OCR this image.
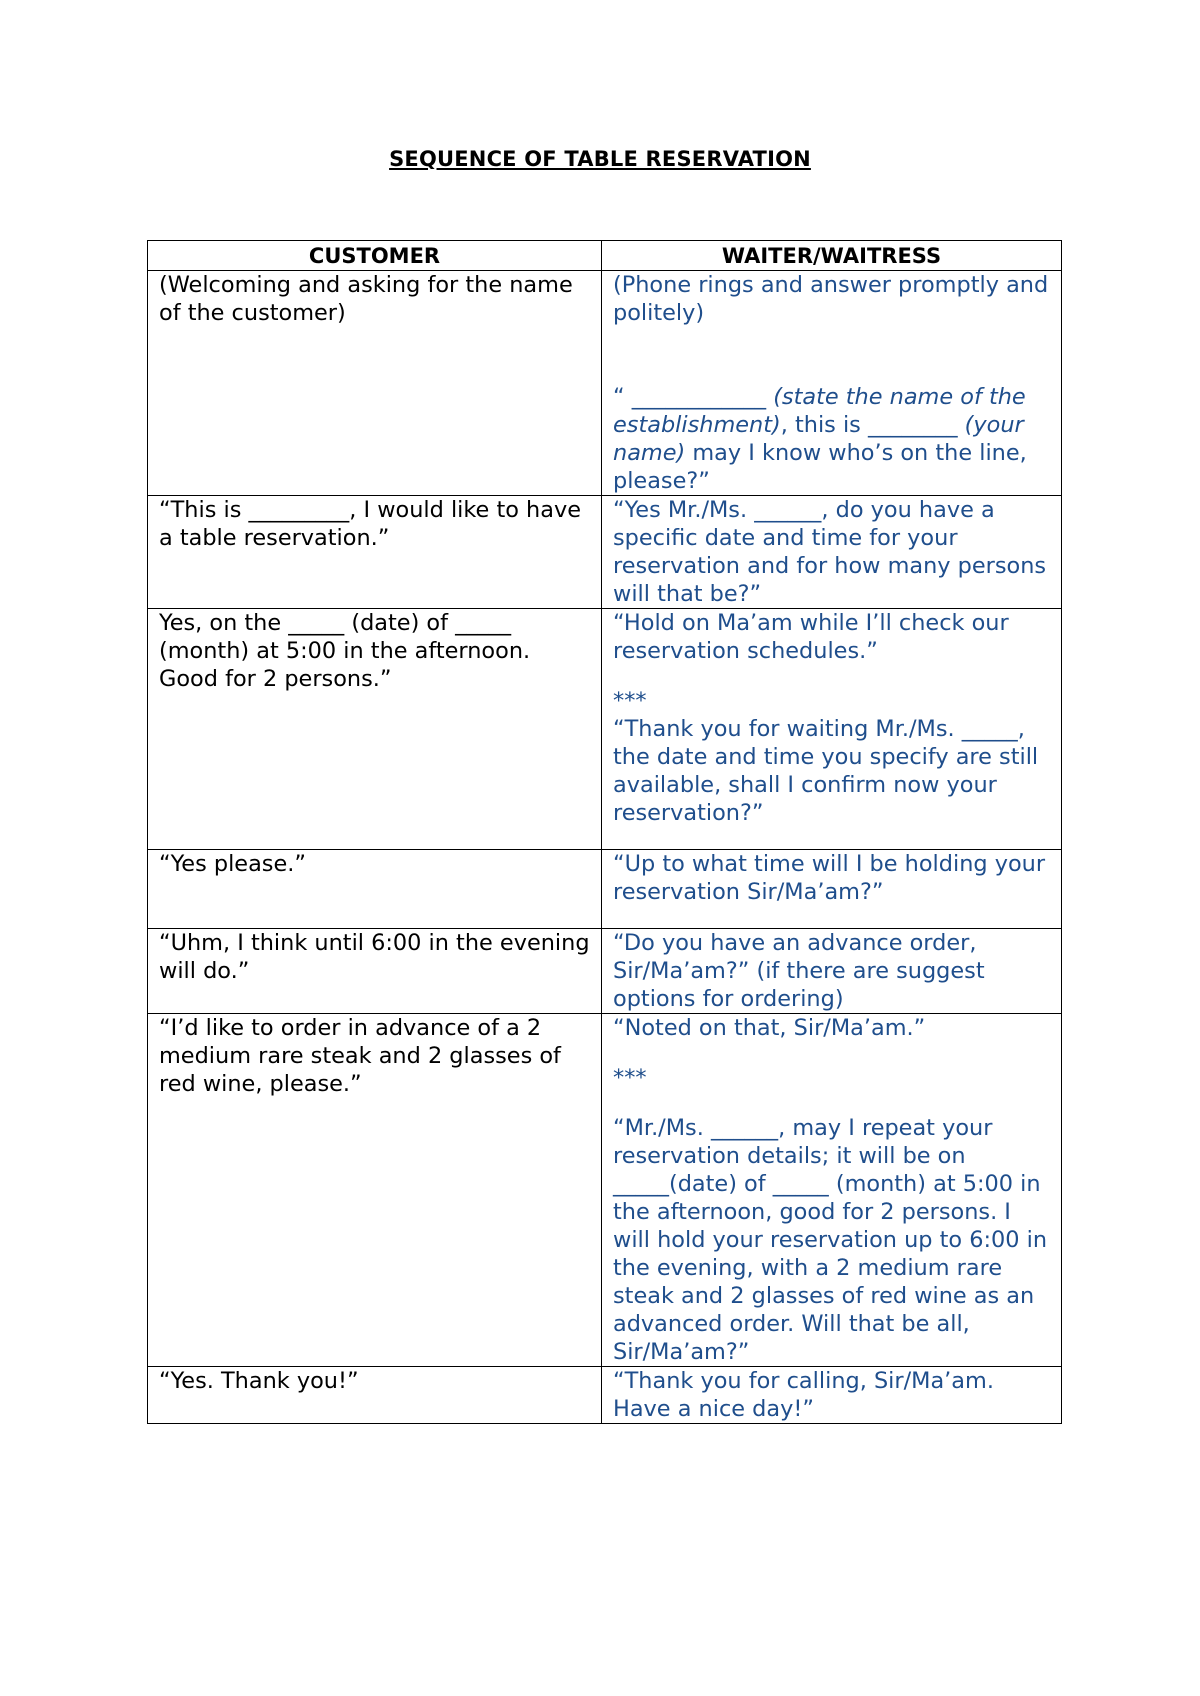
SEQUENCE OF TABLE RESERVATION
CUSTOMER	WAITER/WAITRESS
(Welcoming and asking for the name of the customer)	(Phone rings and answer promptly and politely)
“ ____________ (state the name of the establishment), this is ________ (your name) may I know who’s on the line, please?”

“This is _________, I would like to have a table reservation.”	“Yes Mr./Ms. ______, do you have a specific date and time for your reservation and for how many persons will that be?”
Yes, on the _____ (date) of _____ (month) at 5:00 in the afternoon. Good for 2 persons.”	“Hold on Ma’am while I’ll check our reservation schedules.”
***
“Thank you for waiting Mr./Ms. _____, the date and time you specify are still available, shall I confirm now your reservation?”

“Yes please.”	“Up to what time will I be holding your reservation Sir/Ma’am?”

“Uhm, I think until 6:00 in the evening will do.”	“Do you have an advance order, Sir/Ma’am?” (if there are suggest options for ordering)
“I’d like to order in advance of a 2 medium rare steak and 2 glasses of red wine, please.”	“Noted on that, Sir/Ma’am.”
***
“Mr./Ms. ______, may I repeat your reservation details; it will be on _____(date) of _____ (month) at 5:00 in the afternoon, good for 2 persons. I will hold your reservation up to 6:00 in the evening, with a 2 medium rare steak and 2 glasses of red wine as an advanced order. Will that be all, Sir/Ma’am?”

“Yes. Thank you!”	“Thank you for calling, Sir/Ma’am. Have a nice day!”
